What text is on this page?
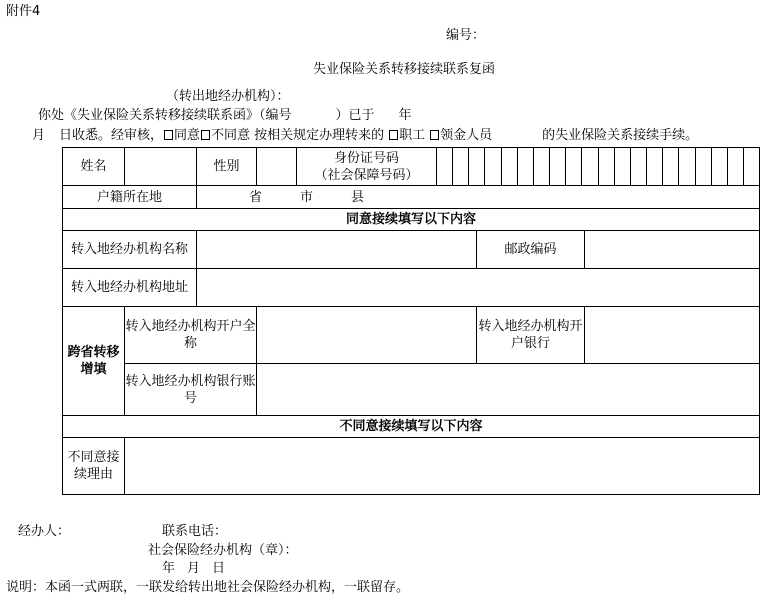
附件4
编号：
失业保险关系转移接续联系复函
（转出地经办机构）：
你处《失业保险关系转移接续联系函》（编号	）已于 年
月 日收悉。经审核， 同意 不同意 按相关规定办理转来的 职工 领金人员	的失业保险关系接续手续。
姓名		性别		身份证号码
（社会保障号码）			

户籍所在地		省 市 县					
同意接续填写以下内容							
转入地经办机构名称						邮政编码	
转入地经办机构地址							
跨省转移增填	转入地经办机构开户全称					转入地经办机构开户银行	
	转入地经办机构银行账号						
不同意接续填写以下内容							
不同意接续理由							
经办人：	联系电话：
社会保险经办机构（章）：
年 月 日
说明：本函一式两联，一联发给转出地社会保险经办机构，一联留存。
